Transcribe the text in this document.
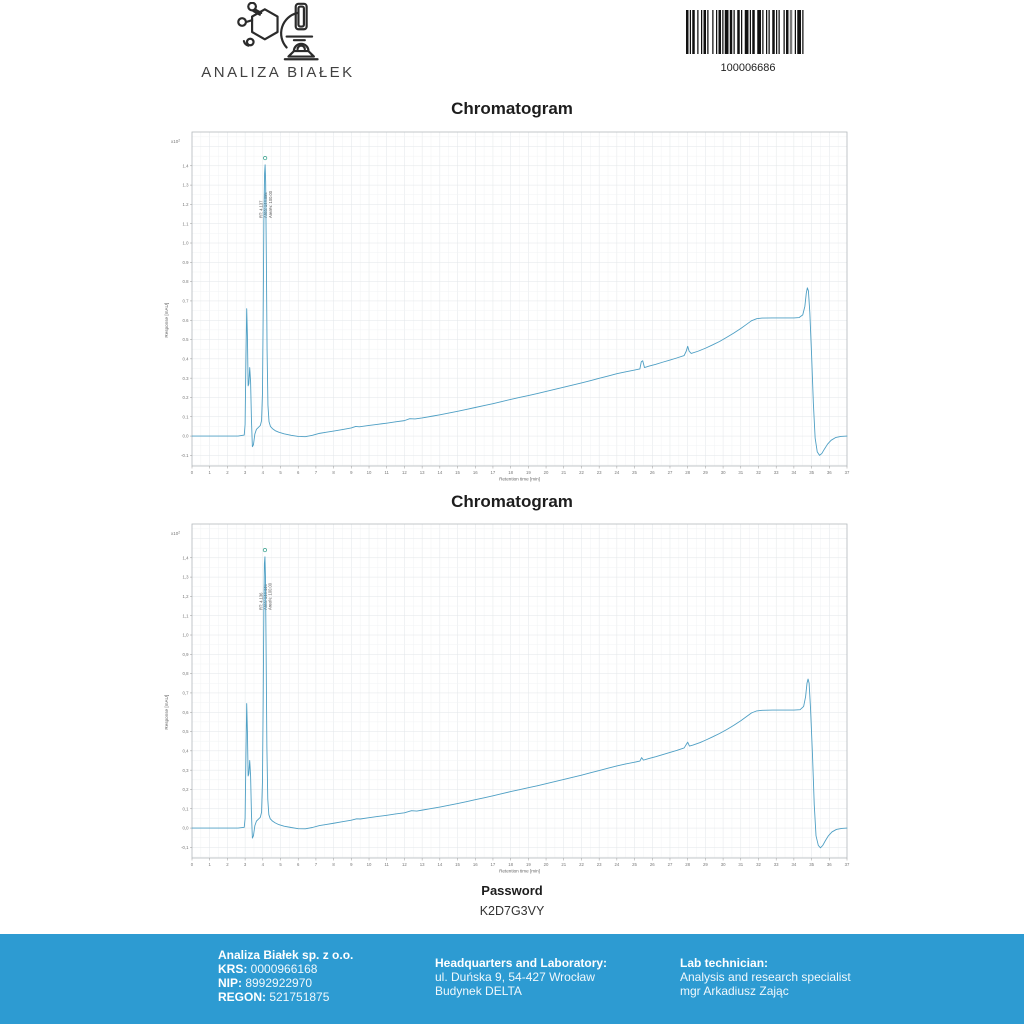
ANALIZA BIAŁEK	100006686
Chromatogram
0	1	2	3	4	5	6	7	8	9	10	11	12	13	14	15	16	17	18	19	20	21	22	23	24	25	26	27	28	29	30	31	32	33	34	35	36	37
Retention time [min]
-0.1
0.0
0.1
0.2
0.3
0.4
0.5
0.6
0.7
0.8
0.9
1.0
1.1
1.2
1.3
1.4
$x10^2$
Response [mAU]
RT: 4.137 Area: 144.986 Area%: 100.00
Chromatogram
0	1	2	3	4	5	6	7	8	9	10	11	12	13	14	15	16	17	18	19	20	21	22	23	24	25	26	27	28	29	30	31	32	33	34	35	36	37
Retention time [min]
-0,1
0,0
0,1
0,2
0,3
0,4
0,5
0,6
0,7
0,8
0,9
1,0
1,1
1,2
1,3
1,4
$x10^2$
Response [mAU]
RT: 4.136 Area: 144.446 Area%: 100.00
Password
K2D7G3VY
Analiza Białek sp. z o.o.
KRS: 0000966168
NIP: 8992922970
REGON: 521751875
Headquarters and Laboratory:
ul. Duńska 9, 54-427 Wrocław
Budynek DELTA
Lab technician:
Analysis and research specialist
mgr Arkadiusz Zając
